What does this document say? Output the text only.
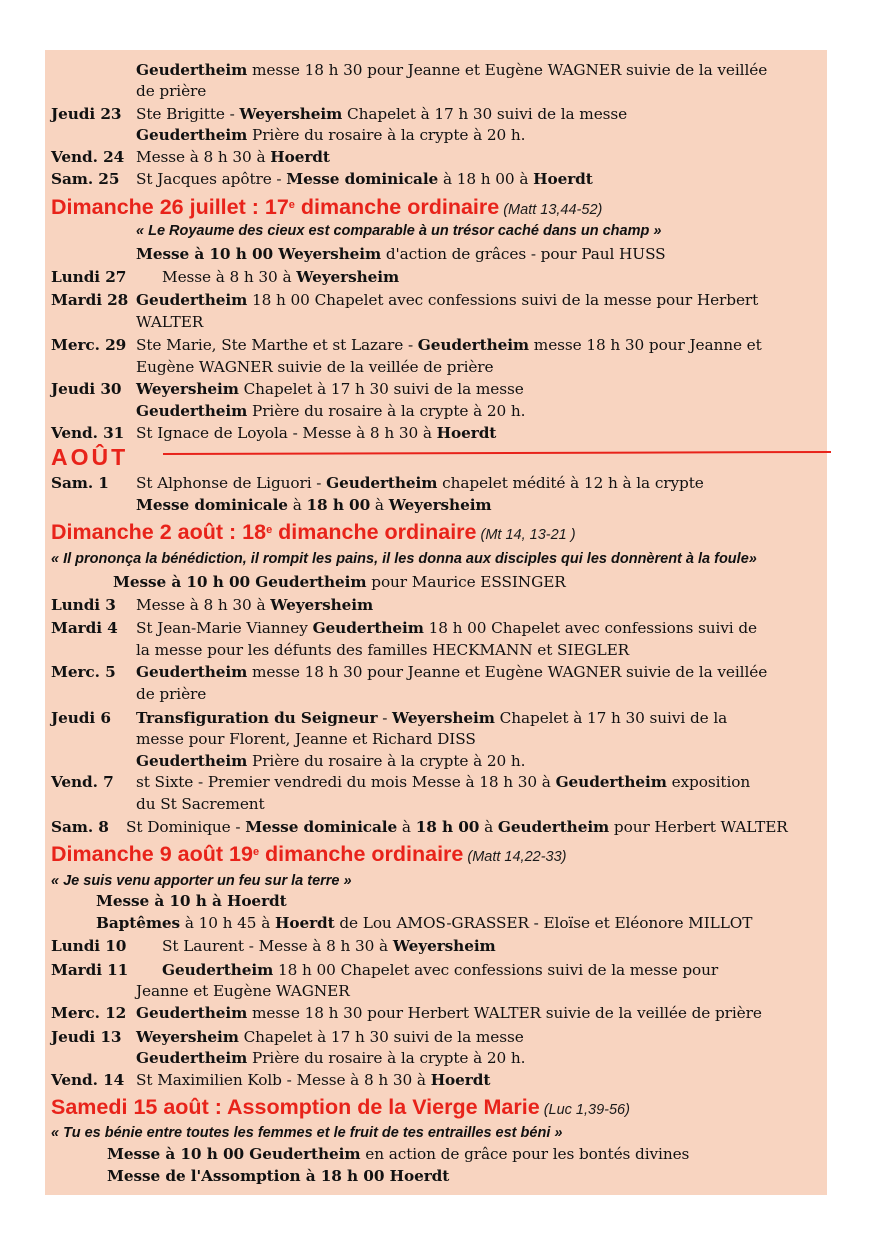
AOÛT
Geudertheim messe 18 h 30 pour Jeanne et Eugène WAGNER suivie de la veillée
de prière
Jeudi 23 Ste Brigitte - Weyersheim Chapelet à 17 h 30 suivi de la messe
Geudertheim Prière du rosaire à la crypte à 20 h.
Vend. 24 Messe à 8 h 30 à Hoerdt
Sam. 25 St Jacques apôtre - Messe dominicale à 18 h 00 à Hoerdt
Messe à 10 h 00 Weyersheim d'action de grâces - pour Paul HUSS
Lundi 27 Messe à 8 h 30 à Weyersheim
Mardi 28 Geudertheim 18 h 00 Chapelet avec confessions suivi de la messe pour Herbert
WALTER
Merc. 29 Ste Marie, Ste Marthe et st Lazare - Geudertheim messe 18 h 30 pour Jeanne et
Eugène WAGNER suivie de la veillée de prière
Jeudi 30 Weyersheim Chapelet à 17 h 30 suivi de la messe
Geudertheim Prière du rosaire à la crypte à 20 h.
Vend. 31 St Ignace de Loyola - Messe à 8 h 30 à Hoerdt
Sam. 1 St Alphonse de Liguori - Geudertheim chapelet médité à 12 h à la crypte
Messe dominicale à 18 h 00 à Weyersheim
Messe à 10 h 00 Geudertheim pour Maurice ESSINGER
Lundi 3 Messe à 8 h 30 à Weyersheim
Mardi 4 St Jean-Marie Vianney Geudertheim 18 h 00 Chapelet avec confessions suivi de
la messe pour les défunts des familles HECKMANN et SIEGLER
Merc. 5 Geudertheim messe 18 h 30 pour Jeanne et Eugène WAGNER suivie de la veillée
de prière
Jeudi 6 Transfiguration du Seigneur - Weyersheim Chapelet à 17 h 30 suivi de la
messe pour Florent, Jeanne et Richard DISS
Geudertheim Prière du rosaire à la crypte à 20 h.
Vend. 7 st Sixte - Premier vendredi du mois Messe à 18 h 30 à Geudertheim exposition
du St Sacrement
Sam. 8 St Dominique - Messe dominicale à 18 h 00 à Geudertheim pour Herbert WALTER
Messe à 10 h à Hoerdt
Baptêmes à 10 h 45 à Hoerdt de Lou AMOS-GRASSER - Eloïse et Eléonore MILLOT
Lundi 10 St Laurent - Messe à 8 h 30 à Weyersheim
Mardi 11 Geudertheim 18 h 00 Chapelet avec confessions suivi de la messe pour
Jeanne et Eugène WAGNER
Merc. 12 Geudertheim messe 18 h 30 pour Herbert WALTER suivie de la veillée de prière
Jeudi 13 Weyersheim Chapelet à 17 h 30 suivi de la messe
Geudertheim Prière du rosaire à la crypte à 20 h.
Vend. 14 St Maximilien Kolb - Messe à 8 h 30 à Hoerdt
Messe à 10 h 00 Geudertheim en action de grâce pour les bontés divines
Messe de l'Assomption à 18 h 00 Hoerdt
Dimanche 26 juillet : 17e dimanche ordinaire (Matt 13,44-52)
Dimanche 2 août : 18e dimanche ordinaire (Mt 14, 13-21 )
Dimanche 9 août 19e dimanche ordinaire (Matt 14,22-33)
Samedi 15 août : Assomption de la Vierge Marie (Luc 1,39-56)
« Le Royaume des cieux est comparable à un trésor caché dans un champ »
« Il prononça la bénédiction, il rompit les pains, il les donna aux disciples qui les donnèrent à la foule»
« Je suis venu apporter un feu sur la terre »
« Tu es bénie entre toutes les femmes et le fruit de tes entrailles est béni »
